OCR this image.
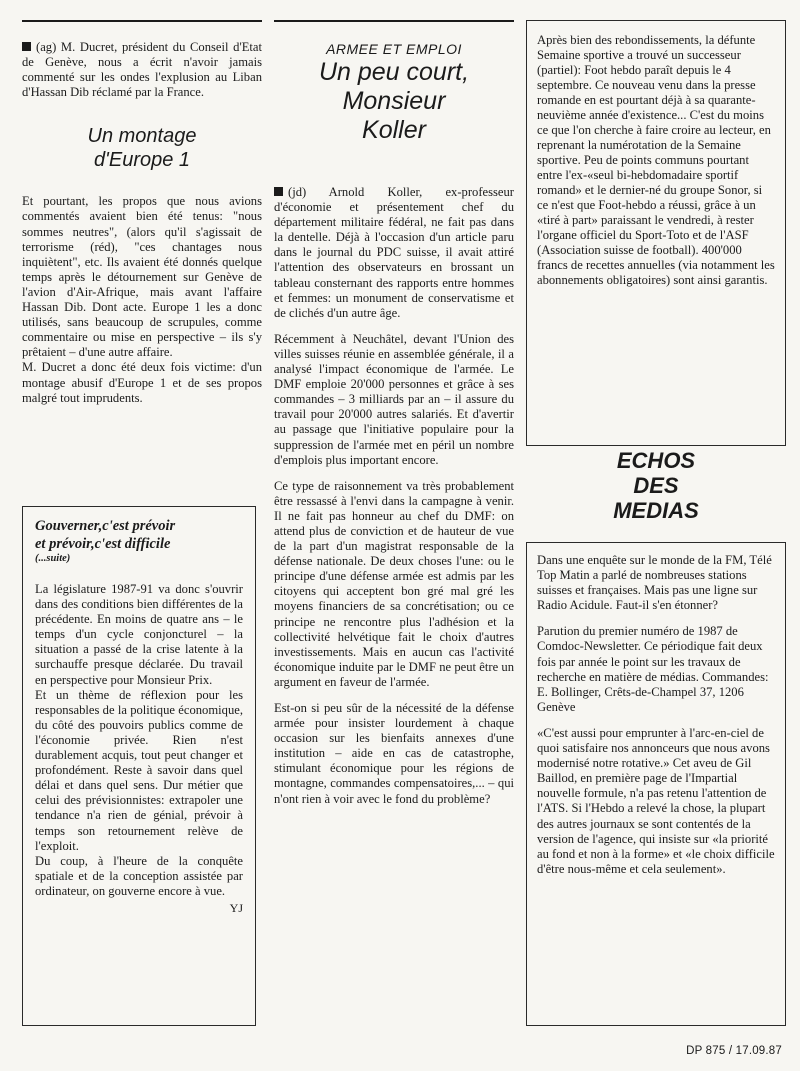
(ag) M. Ducret, président du Conseil d'Etat de Genève, nous a écrit n'avoir jamais commenté sur les ondes l'explusion au Liban d'Hassan Dib réclamé par la France.

Un montage
d'Europe 1

Et pourtant, les propos que nous avions commentés avaient bien été tenus: "nous sommes neutres", (alors qu'il s'agissait de terrorisme (réd), "ces chantages nous inquiètent", etc. Ils avaient été donnés quelque temps après le détournement sur Genève de l'avion d'Air-Afrique, mais avant l'affaire Hassan Dib. Dont acte. Europe 1 les a donc utilisés, sans beaucoup de scrupules, comme commentaire ou mise en perspective – ils s'y prêtaient – d'une autre affaire.

M. Ducret a donc été deux fois victime: d'un montage abusif d'Europe 1 et de ses propos malgré tout imprudents.

Gouverner,c'est prévoir
et prévoir,c'est difficile

(...suite)

La législature 1987-91 va donc s'ouvrir dans des conditions bien différentes de la précédente. En moins de quatre ans – le temps d'un cycle conjoncturel – la situation a passé de la crise latente à la surchauffe presque déclarée. Du travail en perspective pour Monsieur Prix.

Et un thème de réflexion pour les responsables de la politique économique, du côté des pouvoirs publics comme de l'économie privée. Rien n'est durablement acquis, tout peut changer et profondément. Reste à savoir dans quel délai et dans quel sens. Dur métier que celui des prévisionnistes: extrapoler une tendance n'a rien de génial, prévoir à temps son retournement relève de l'exploit.

Du coup, à l'heure de la conquête spatiale et de la conception assistée par ordinateur, on gouverne encore à vue.

YJ

ARMEE ET EMPLOI

Un peu court,
Monsieur
Koller

(jd) Arnold Koller, ex-professeur d'économie et présentement chef du département militaire fédéral, ne fait pas dans la dentelle. Déjà à l'occasion d'un article paru dans le journal du PDC suisse, il avait attiré l'attention des observateurs en brossant un tableau consternant des rapports entre hommes et femmes: un monument de conservatisme et de clichés d'un autre âge.

Récemment à Neuchâtel, devant l'Union des villes suisses réunie en assemblée générale, il a analysé l'impact économique de l'armée. Le DMF emploie 20'000 personnes et grâce à ses commandes – 3 milliards par an – il assure du travail pour 20'000 autres salariés. Et d'avertir au passage que l'initiative populaire pour la suppression de l'armée met en péril un nombre d'emplois plus important encore.

Ce type de raisonnement va très probablement être ressassé à l'envi dans la campagne à venir. Il ne fait pas honneur au chef du DMF: on attend plus de conviction et de hauteur de vue de la part d'un magistrat responsable de la défense nationale. De deux choses l'une: ou le principe d'une défense armée est admis par les citoyens qui acceptent bon gré mal gré les moyens financiers de sa concrétisation; ou ce principe ne rencontre plus l'adhésion et la collectivité helvétique fait le choix d'autres investissements. Mais en aucun cas l'activité économique induite par le DMF ne peut être un argument en faveur de l'armée.

Est-on si peu sûr de la nécessité de la défense armée pour insister lourdement à chaque occasion sur les bienfaits annexes d'une institution – aide en cas de catastrophe, stimulant économique pour les régions de montagne, commandes compensatoires,... – qui n'ont rien à voir avec le fond du problème?

Après bien des rebondissements, la défunte Semaine sportive a trouvé un successeur (partiel): Foot hebdo paraît depuis le 4 septembre. Ce nouveau venu dans la presse romande en est pourtant déjà à sa quarante-neuvième année d'existence... C'est du moins ce que l'on cherche à faire croire au lecteur, en reprenant la numérotation de la Semaine sportive. Peu de points communs pourtant entre l'ex-«seul bi-hebdomadaire sportif romand» et le dernier-né du groupe Sonor, si ce n'est que Foot-hebdo a réussi, grâce à un «tiré à part» paraissant le vendredi, à rester l'organe officiel du Sport-Toto et de l'ASF (Association suisse de football). 400'000 francs de recettes annuelles (via notamment les abonnements obligatoires) sont ainsi garantis.

ECHOS
DES
MEDIAS

Dans une enquête sur le monde de la FM, Télé Top Matin a parlé de nombreuses stations suisses et françaises. Mais pas une ligne sur Radio Acidule. Faut-il s'en étonner?

Parution du premier numéro de 1987 de Comdoc-Newsletter. Ce périodique fait deux fois par année le point sur les travaux de recherche en matière de médias. Commandes: E. Bollinger, Crêts-de-Champel 37, 1206 Genève

«C'est aussi pour emprunter à l'arc-en-ciel de quoi satisfaire nos annonceurs que nous avons modernisé notre rotative.» Cet aveu de Gil Baillod, en première page de l'Impartial nouvelle formule, n'a pas retenu l'attention de l'ATS. Si l'Hebdo a relevé la chose, la plupart des autres journaux se sont contentés de la version de l'agence, qui insiste sur «la priorité au fond et non à la forme» et «le choix difficile d'être nous-même et cela seulement».

DP 875 / 17.09.87
